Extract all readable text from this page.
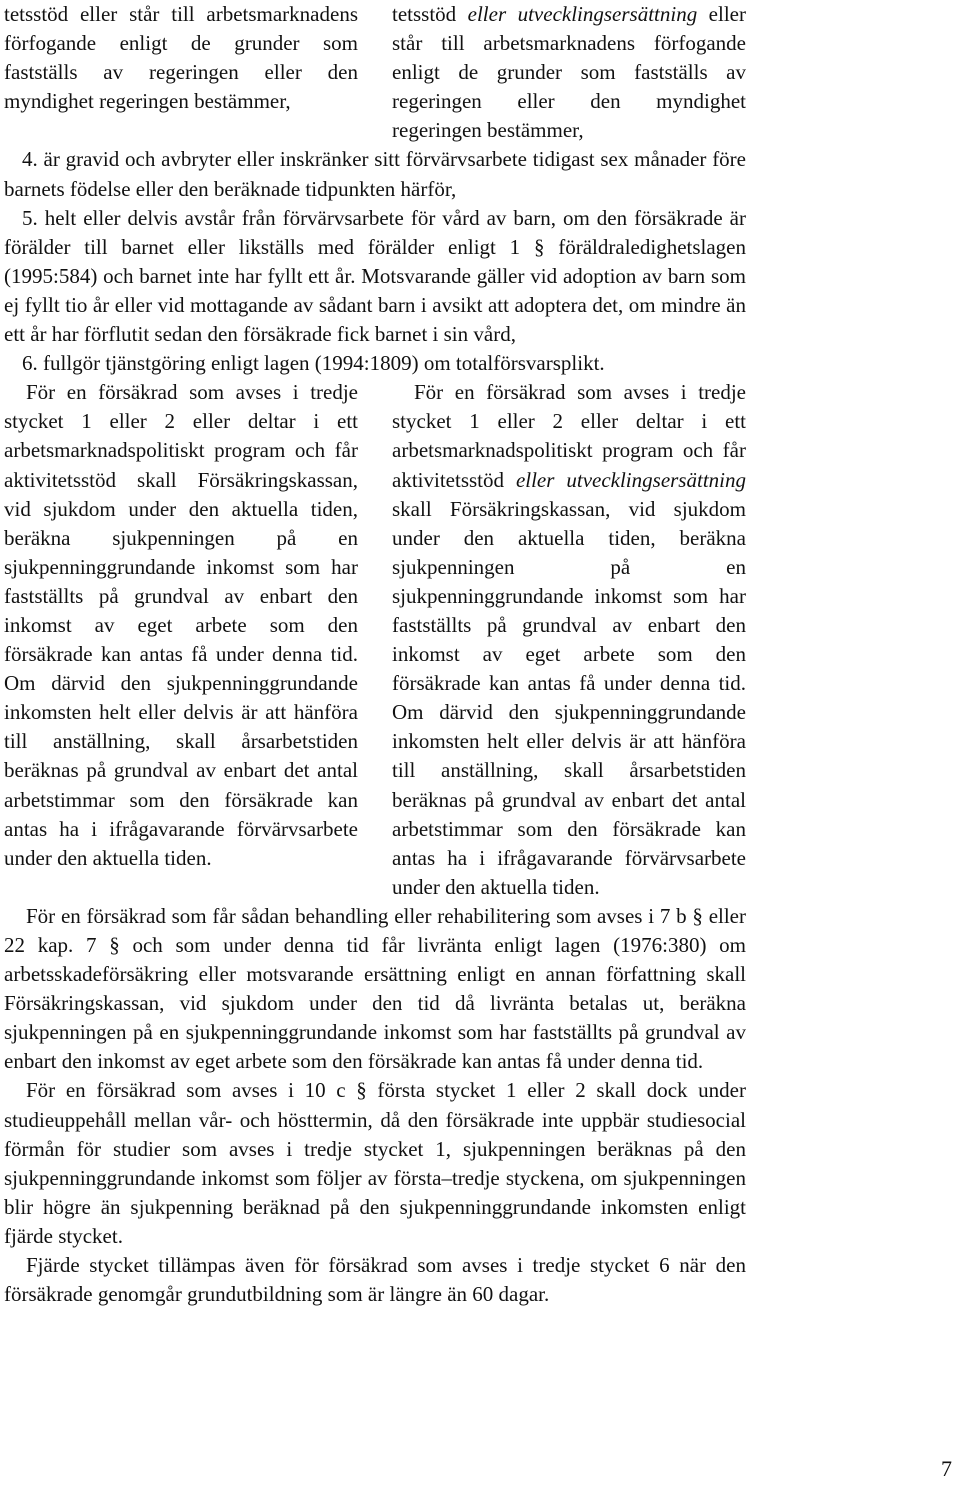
tetsstöd eller står till arbetsmarknadens förfogande enligt de grunder som fastställs av regeringen eller den myndighet regeringen bestämmer,

tetsstöd eller utvecklingsersättning eller står till arbetsmarknadens förfogande enligt de grunder som fastställs av regeringen eller den myndighet regeringen bestämmer,

4. är gravid och avbryter eller inskränker sitt förvärvsarbete tidigast sex månader före barnets födelse eller den beräknade tidpunkten härför,

5. helt eller delvis avstår från förvärvsarbete för vård av barn, om den försäkrade är förälder till barnet eller likställs med förälder enligt 1 § föräldraledighetslagen (1995:584) och barnet inte har fyllt ett år. Motsvarande gäller vid adoption av barn som ej fyllt tio år eller vid mottagande av sådant barn i avsikt att adoptera det, om mindre än ett år har förflutit sedan den försäkrade fick barnet i sin vård,

6. fullgör tjänstgöring enligt lagen (1994:1809) om totalförsvarsplikt.

För en försäkrad som avses i tredje stycket 1 eller 2 eller deltar i ett arbetsmarknadspolitiskt program och får aktivitetsstöd skall Försäkringskassan, vid sjukdom under den aktuella tiden, beräkna sjukpenningen på en sjukpenninggrundande inkomst som har fastställts på grundval av enbart den inkomst av eget arbete som den försäkrade kan antas få under denna tid. Om därvid den sjukpenninggrundande inkomsten helt eller delvis är att hänföra till anställning, skall årsarbetstiden beräknas på grundval av enbart det antal arbetstimmar som den försäkrade kan antas ha i ifrågavarande förvärvsarbete under den aktuella tiden.

För en försäkrad som avses i tredje stycket 1 eller 2 eller deltar i ett arbetsmarknadspolitiskt program och får aktivitetsstöd eller utvecklingsersättning skall Försäkringskassan, vid sjukdom under den aktuella tiden, beräkna sjukpenningen på en sjukpenninggrundande inkomst som har fastställts på grundval av enbart den inkomst av eget arbete som den försäkrade kan antas få under denna tid. Om därvid den sjukpenninggrundande inkomsten helt eller delvis är att hänföra till anställning, skall årsarbetstiden beräknas på grundval av enbart det antal arbetstimmar som den försäkrade kan antas ha i ifrågavarande förvärvsarbete under den aktuella tiden.

För en försäkrad som får sådan behandling eller rehabilitering som avses i 7 b § eller 22 kap. 7 § och som under denna tid får livränta enligt lagen (1976:380) om arbetsskadeförsäkring eller motsvarande ersättning enligt en annan författning skall Försäkringskassan, vid sjukdom under den tid då livränta betalas ut, beräkna sjukpenningen på en sjukpenninggrundande inkomst som har fastställts på grundval av enbart den inkomst av eget arbete som den försäkrade kan antas få under denna tid.

För en försäkrad som avses i 10 c § första stycket 1 eller 2 skall dock under studieuppehåll mellan vår- och hösttermin, då den försäkrade inte uppbär studiesocial förmån för studier som avses i tredje stycket 1, sjukpenningen beräknas på den sjukpenninggrundande inkomst som följer av första–tredje styckena, om sjukpenningen blir högre än sjukpenning beräknad på den sjukpenninggrundande inkomsten enligt fjärde stycket.

Fjärde stycket tillämpas även för försäkrad som avses i tredje stycket 6 när den försäkrade genomgår grundutbildning som är längre än 60 dagar.

7
